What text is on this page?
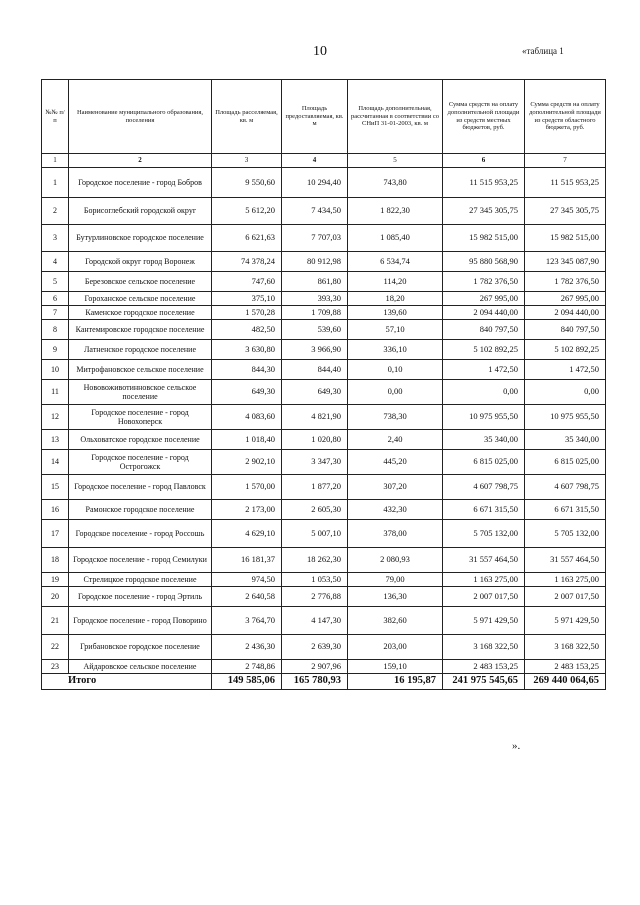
10	«таблица 1
№№ п/п	Наименование муниципального образования, поселения	Площадь расселяемая, кв. м	Площадь предоставляемая, кв. м	Площадь дополнительная, рассчитанная в соответствии со СНиП 31-01-2003, кв. м	Сумма средств на оплату дополнительной площади из средств местных бюджетов, руб.	Сумма средств на оплату дополнительной площади из средств областного бюджета, руб.
1	2	3	4	5	6	7
1	Городское поселение - город Бобров	9 550,60	10 294,40	743,80	11 515 953,25	11 515 953,25
2	Борисоглебский городской округ	5 612,20	7 434,50	1 822,30	27 345 305,75	27 345 305,75
3	Бутурлиновское городское поселение	6 621,63	7 707,03	1 085,40	15 982 515,00	15 982 515,00
4	Городской округ город Воронеж	74 378,24	80 912,98	6 534,74	95 880 568,90	123 345 087,90
5	Березовское сельское поселение	747,60	861,80	114,20	1 782 376,50	1 782 376,50
6	Гороханское сельское поселение	375,10	393,30	18,20	267 995,00	267 995,00
7	Каменское городское поселение	1 570,28	1 709,88	139,60	2 094 440,00	2 094 440,00
8	Кантемировское городское поселение	482,50	539,60	57,10	840 797,50	840 797,50
9	Латненское городское поселение	3 630,80	3 966,90	336,10	5 102 892,25	5 102 892,25
10	Митрофановское сельское поселение	844,30	844,40	0,10	1 472,50	1 472,50
11	Нововоживотинновское сельское поселение	649,30	649,30	0,00	0,00	0,00
12	Городское поселение - город Новохоперск	4 083,60	4 821,90	738,30	10 975 955,50	10 975 955,50
13	Ольховатское городское поселение	1 018,40	1 020,80	2,40	35 340,00	35 340,00
14	Городское поселение - город Острогожск	2 902,10	3 347,30	445,20	6 815 025,00	6 815 025,00
15	Городское поселение - город Павловск	1 570,00	1 877,20	307,20	4 607 798,75	4 607 798,75
16	Рамонское городское поселение	2 173,00	2 605,30	432,30	6 671 315,50	6 671 315,50
17	Городское поселение - город Россошь	4 629,10	5 007,10	378,00	5 705 132,00	5 705 132,00
18	Городское поселение - город Семилуки	16 181,37	18 262,30	2 080,93	31 557 464,50	31 557 464,50
19	Стрелицкое городское поселение	974,50	1 053,50	79,00	1 163 275,00	1 163 275,00
20	Городское поселение - город Эртиль	2 640,58	2 776,88	136,30	2 007 017,50	2 007 017,50
21	Городское поселение - город Поворино	3 764,70	4 147,30	382,60	5 971 429,50	5 971 429,50
22	Грибановское городское поселение	2 436,30	2 639,30	203,00	3 168 322,50	3 168 322,50
23	Айдаровское сельское поселение	2 748,86	2 907,96	159,10	2 483 153,25	2 483 153,25
Итого		149 585,06	165 780,93	16 195,87	241 975 545,65	269 440 064,65
».
